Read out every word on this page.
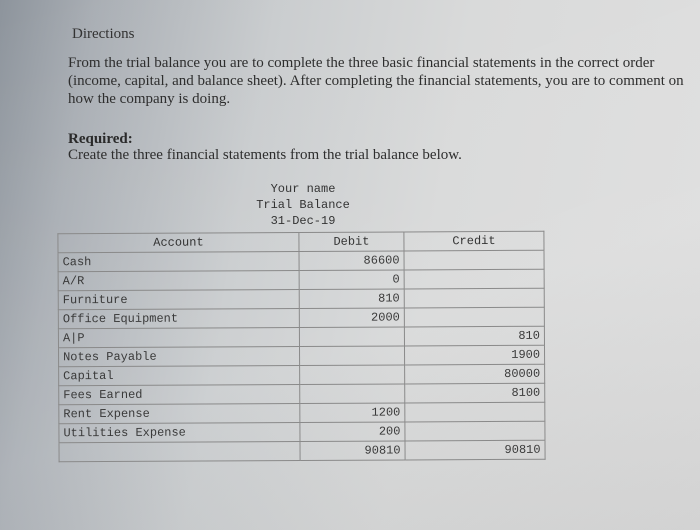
Directions
From the trial balance you are to complete the three basic financial statements in the correct order (income, capital, and balance sheet). After completing the financial statements, you are to comment on how the company is doing.
Required:
Create the three financial statements from the trial balance below.
Your name
Trial Balance
31-Dec-19
Account	Debit	Credit
Cash	86600	
A/R	0	
Furniture	810	
Office Equipment	2000	
A|P		810
Notes Payable		1900
Capital		80000
Fees Earned		8100
Rent Expense	1200	
Utilities Expense	200	
	90810	90810
